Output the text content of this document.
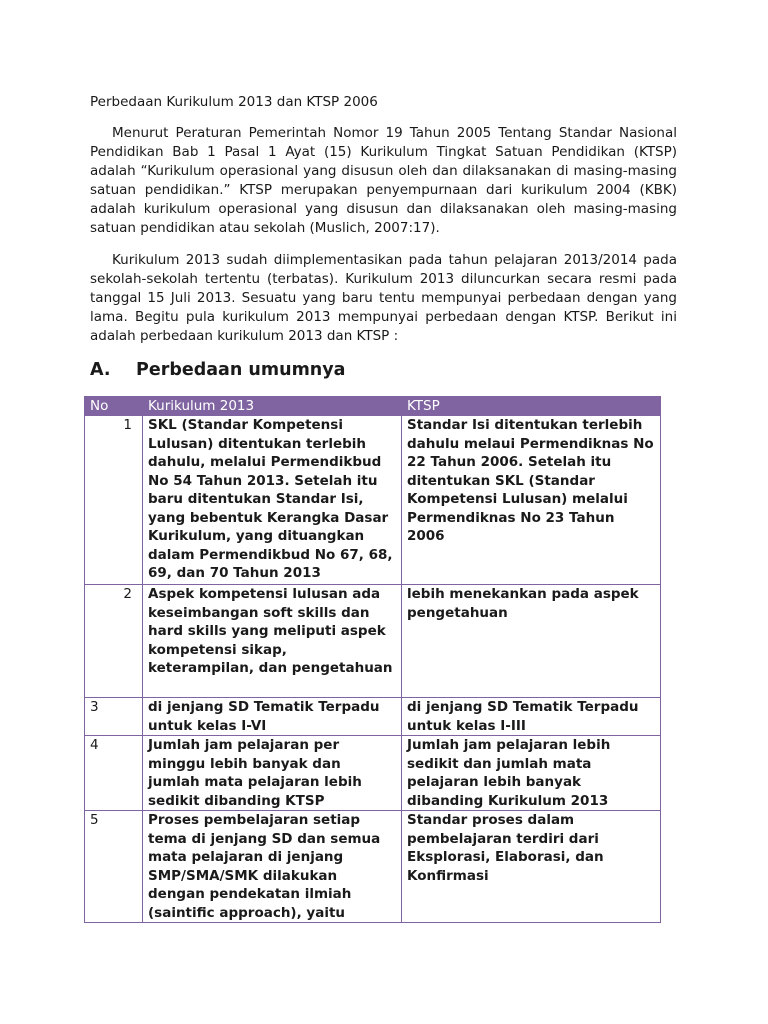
Perbedaan Kurikulum 2013 dan KTSP 2006

Menurut Peraturan Pemerintah Nomor 19 Tahun 2005 Tentang Standar Nasional Pendidikan Bab 1 Pasal 1 Ayat (15) Kurikulum Tingkat Satuan Pendidikan (KTSP) adalah “Kurikulum operasional yang disusun oleh dan dilaksanakan di masing-masing satuan pendidikan.” KTSP merupakan penyempurnaan dari kurikulum 2004 (KBK) adalah kurikulum operasional yang disusun dan dilaksanakan oleh masing-masing satuan pendidikan atau sekolah (Muslich, 2007:17).

Kurikulum 2013 sudah diimplementasikan pada tahun pelajaran 2013/2014 pada sekolah-sekolah tertentu (terbatas). Kurikulum 2013 diluncurkan secara resmi pada tanggal 15 Juli 2013. Sesuatu yang baru tentu mempunyai perbedaan dengan yang lama. Begitu pula kurikulum 2013 mempunyai perbedaan dengan KTSP. Berikut ini adalah perbedaan kurikulum 2013 dan KTSP :

A. Perbedaan umumnya
No	Kurikulum 2013	KTSP
1	SKL (Standar Kompetensi Lulusan) ditentukan terlebih dahulu, melalui Permendikbud No 54 Tahun 2013. Setelah itu baru ditentukan Standar Isi, yang bebentuk Kerangka Dasar Kurikulum, yang dituangkan dalam Permendikbud No 67, 68, 69, dan 70 Tahun 2013	Standar Isi ditentukan terlebih dahulu melaui Permendiknas No 22 Tahun 2006. Setelah itu ditentukan SKL (Standar Kompetensi Lulusan) melalui Permendiknas No 23 Tahun 2006
2	Aspek kompetensi lulusan ada keseimbangan soft skills dan hard skills yang meliputi aspek kompetensi sikap, keterampilan, dan pengetahuan	lebih menekankan pada aspek pengetahuan
3	di jenjang SD Tematik Terpadu untuk kelas I-VI	di jenjang SD Tematik Terpadu untuk kelas I-III
4	Jumlah jam pelajaran per minggu lebih banyak dan jumlah mata pelajaran lebih sedikit dibanding KTSP	Jumlah jam pelajaran lebih sedikit dan jumlah mata pelajaran lebih banyak dibanding Kurikulum 2013
5	Proses pembelajaran setiap tema di jenjang SD dan semua mata pelajaran di jenjang SMP/SMA/SMK dilakukan dengan pendekatan ilmiah (saintific approach), yaitu	Standar proses dalam pembelajaran terdiri dari Eksplorasi, Elaborasi, dan Konfirmasi
